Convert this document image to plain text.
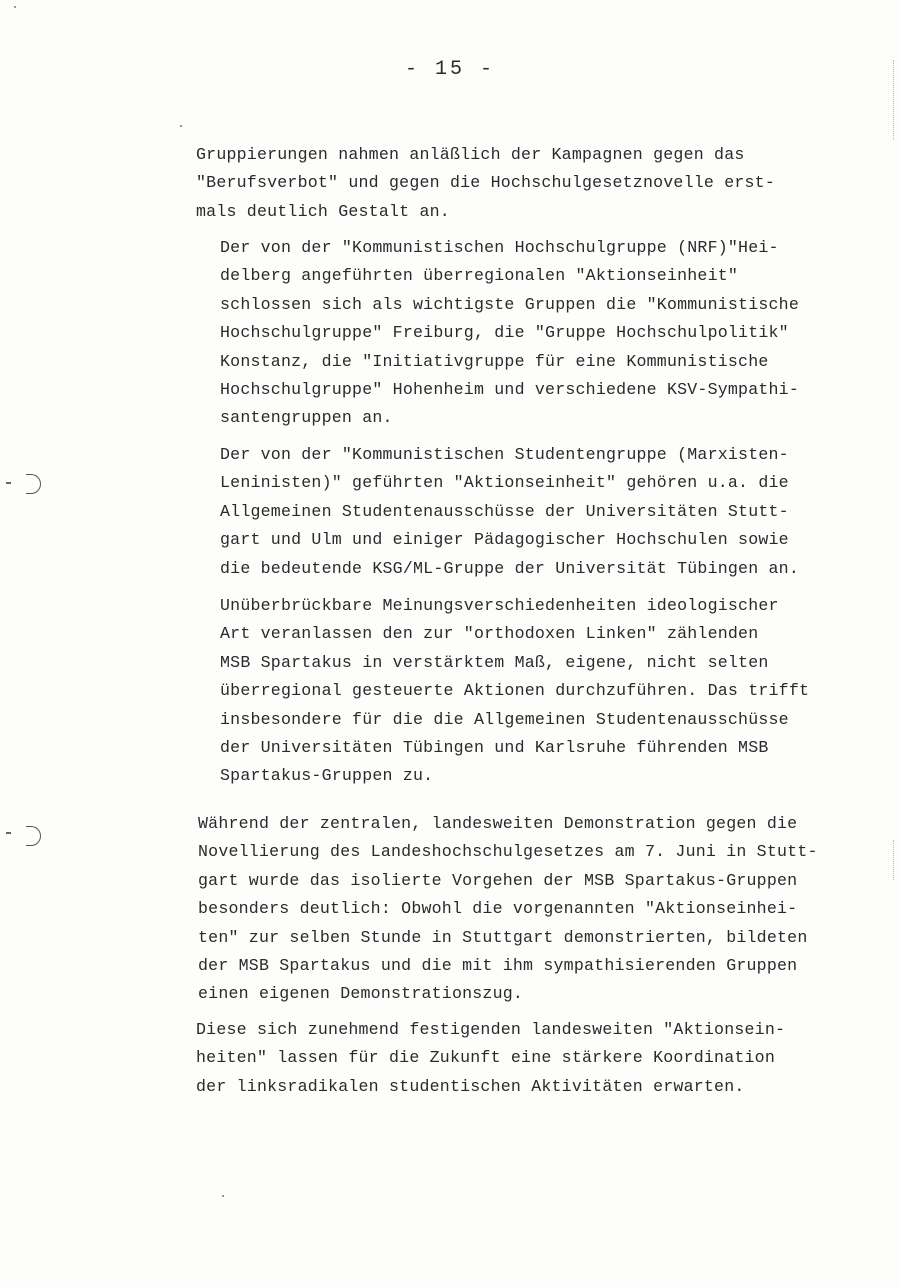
- 15 -
Gruppierungen nahmen anläßlich der Kampagnen gegen das
"Berufsverbot" und gegen die Hochschulgesetznovelle erst-
mals deutlich Gestalt an.
Der von der "Kommunistischen Hochschulgruppe (NRF)"Hei-
delberg angeführten überregionalen "Aktionseinheit"
schlossen sich als wichtigste Gruppen die "Kommunistische
Hochschulgruppe" Freiburg, die "Gruppe Hochschulpolitik"
Konstanz, die "Initiativgruppe für eine Kommunistische
Hochschulgruppe" Hohenheim und verschiedene KSV-Sympathi-
santengruppen an.
Der von der "Kommunistischen Studentengruppe (Marxisten-
Leninisten)" geführten "Aktionseinheit" gehören u.a. die
Allgemeinen Studentenausschüsse der Universitäten Stutt-
gart und Ulm und einiger Pädagogischer Hochschulen sowie
die bedeutende KSG/ML-Gruppe der Universität Tübingen an.
Unüberbrückbare Meinungsverschiedenheiten ideologischer
Art veranlassen den zur "orthodoxen Linken" zählenden
MSB Spartakus in verstärktem Maß, eigene, nicht selten
überregional gesteuerte Aktionen durchzuführen. Das trifft
insbesondere für die die Allgemeinen Studentenausschüsse
der Universitäten Tübingen und Karlsruhe führenden MSB
Spartakus-Gruppen zu.
Während der zentralen, landesweiten Demonstration gegen die
Novellierung des Landeshochschulgesetzes am 7. Juni in Stutt-
gart wurde das isolierte Vorgehen der MSB Spartakus-Gruppen
besonders deutlich: Obwohl die vorgenannten "Aktionseinhei-
ten" zur selben Stunde in Stuttgart demonstrierten, bildeten
der MSB Spartakus und die mit ihm sympathisierenden Gruppen
einen eigenen Demonstrationszug.
Diese sich zunehmend festigenden landesweiten "Aktionsein-
heiten" lassen für die Zukunft eine stärkere Koordination
der linksradikalen studentischen Aktivitäten erwarten.
